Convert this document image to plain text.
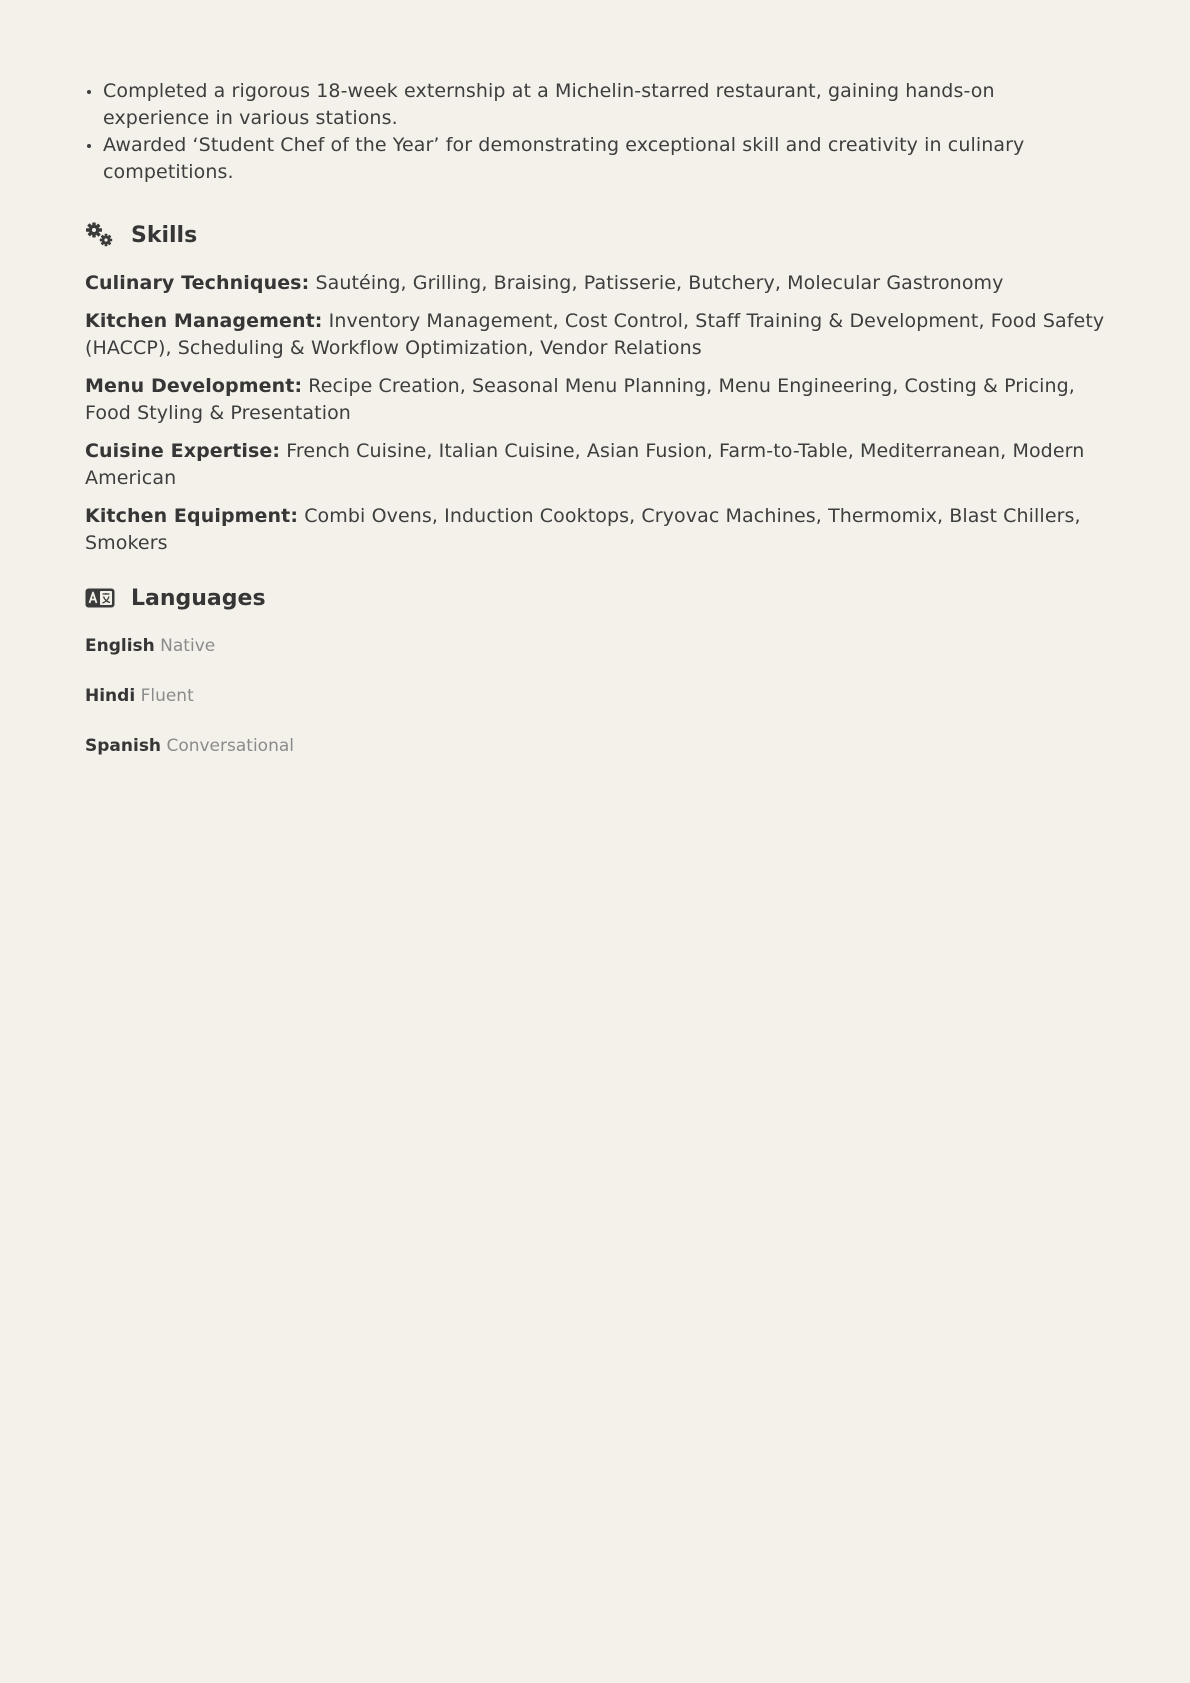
Completed a rigorous 18-week externship at a Michelin-starred restaurant, gaining hands-on experience in various stations.
Awarded ‘Student Chef of the Year’ for demonstrating exceptional skill and creativity in culinary competitions.
Skills
Culinary Techniques: Sautéing, Grilling, Braising, Patisserie, Butchery, Molecular Gastronomy
Kitchen Management: Inventory Management, Cost Control, Staff Training & Development, Food Safety (HACCP), Scheduling & Workflow Optimization, Vendor Relations
Menu Development: Recipe Creation, Seasonal Menu Planning, Menu Engineering, Costing & Pricing, Food Styling & Presentation
Cuisine Expertise: French Cuisine, Italian Cuisine, Asian Fusion, Farm-to-Table, Mediterranean, Modern American
Kitchen Equipment: Combi Ovens, Induction Cooktops, Cryovac Machines, Thermomix, Blast Chillers, Smokers
Languages
English Native
Hindi Fluent
Spanish Conversational
